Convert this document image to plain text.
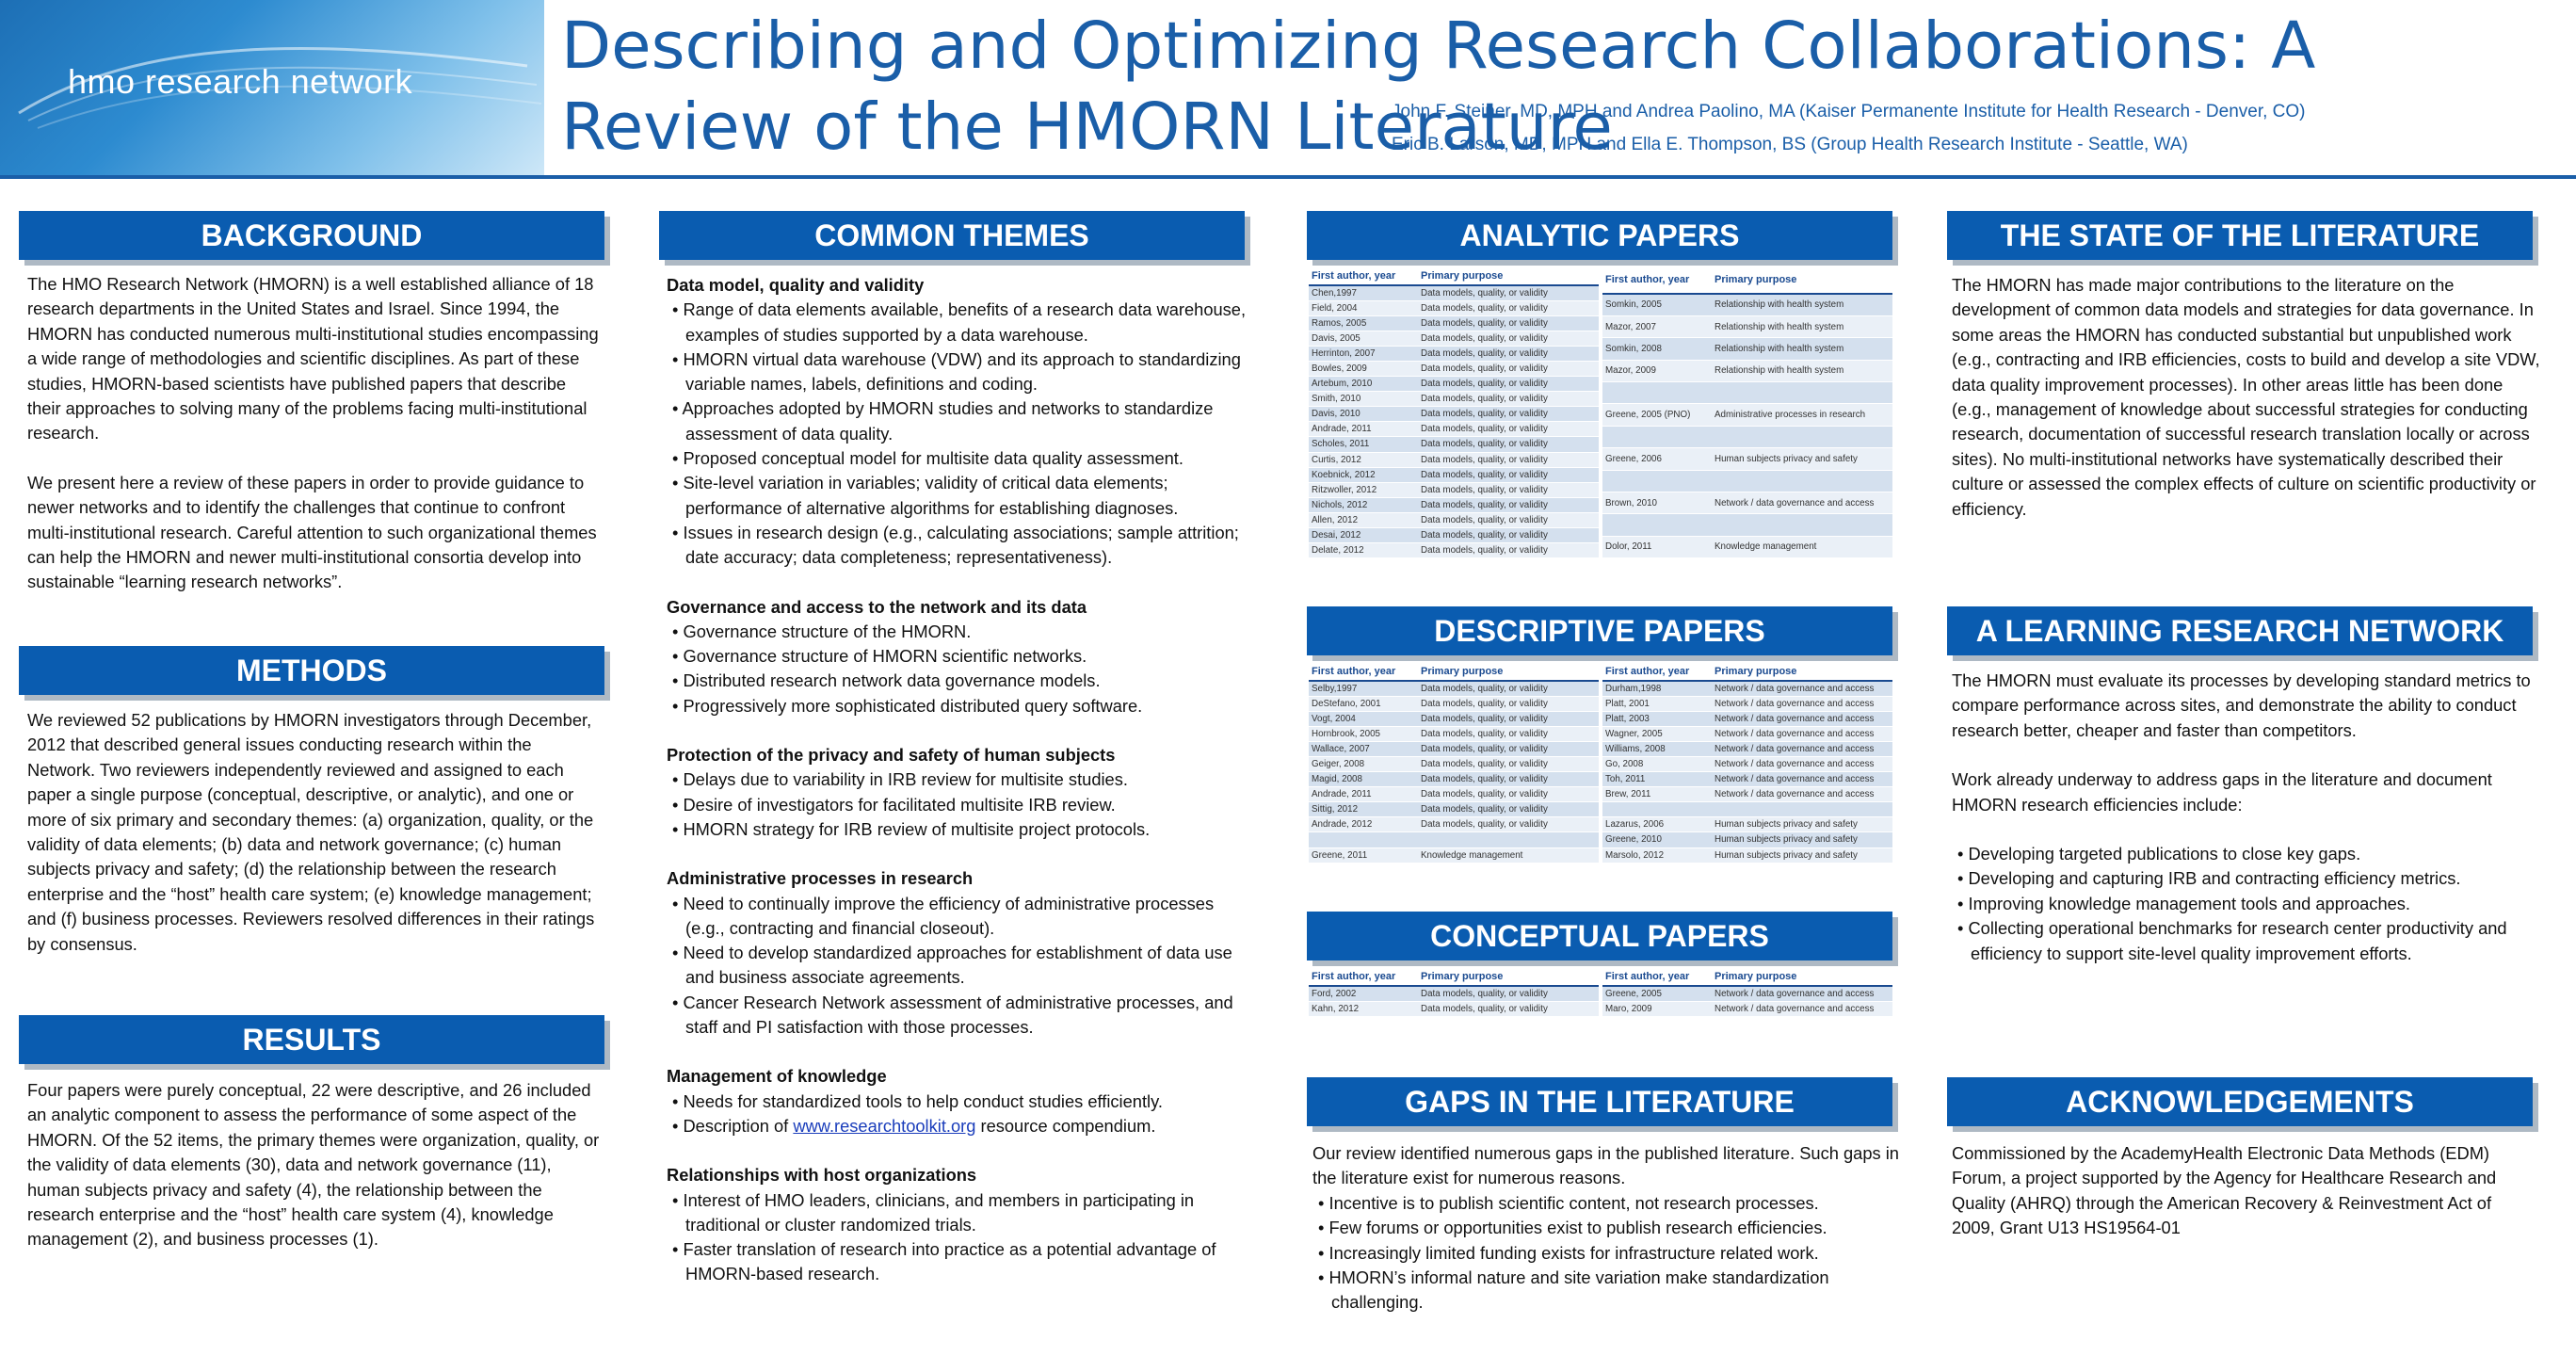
hmo research network Describing and Optimizing Research Collaborations: A Review of the HMORN Literature
John F. Steiner, MD, MPH and Andrea Paolino, MA (Kaiser Permanente Institute for Health Research - Denver, CO)
Eric B. Larson, MD, MPH and Ella E. Thompson, BS (Group Health Research Institute - Seattle, WA)
BACKGROUND

The HMO Research Network (HMORN) is a well established alliance of 18 research departments in the United States and Israel. Since 1994, the HMORN has conducted numerous multi-institutional studies encompassing a wide range of methodologies and scientific disciplines. As part of these studies, HMORN-based scientists have published papers that describe their approaches to solving many of the problems facing multi-institutional research.

We present here a review of these papers in order to provide guidance to newer networks and to identify the challenges that continue to confront multi-institutional research. Careful attention to such organizational themes can help the HMORN and newer multi-institutional consortia develop into sustainable “learning research networks”.

METHODS

We reviewed 52 publications by HMORN investigators through December, 2012 that described general issues conducting research within the Network. Two reviewers independently reviewed and assigned to each paper a single purpose (conceptual, descriptive, or analytic), and one or more of six primary and secondary themes: (a) organization, quality, or the validity of data elements; (b) data and network governance; (c) human subjects privacy and safety; (d) the relationship between the research enterprise and the “host” health care system; (e) knowledge management; and (f) business processes. Reviewers resolved differences in their ratings by consensus.

RESULTS

Four papers were purely conceptual, 22 were descriptive, and 26 included an analytic component to assess the performance of some aspect of the HMORN. Of the 52 items, the primary themes were organization, quality, or the validity of data elements (30), data and network governance (11), human subjects privacy and safety (4), the relationship between the research enterprise and the “host” health care system (4), knowledge management (2), and business processes (1).

COMMON THEMES
Data model, quality and validity
• Range of data elements available, benefits of a research data warehouse, examples of studies supported by a data warehouse.
• HMORN virtual data warehouse (VDW) and its approach to standardizing variable names, labels, definitions and coding.
• Approaches adopted by HMORN studies and networks to standardize assessment of data quality.
• Proposed conceptual model for multisite data quality assessment.
• Site-level variation in variables; validity of critical data elements; performance of alternative algorithms for establishing diagnoses.
• Issues in research design (e.g., calculating associations; sample attrition; date accuracy; data completeness; representativeness).
Governance and access to the network and its data
• Governance structure of the HMORN.
• Governance structure of HMORN scientific networks.
• Distributed research network data governance models.
• Progressively more sophisticated distributed query software.
Protection of the privacy and safety of human subjects
• Delays due to variability in IRB review for multisite studies.
• Desire of investigators for facilitated multisite IRB review.
• HMORN strategy for IRB review of multisite project protocols.
Administrative processes in research
• Need to continually improve the efficiency of administrative processes (e.g., contracting and financial closeout).
• Need to develop standardized approaches for establishment of data use and business associate agreements.
• Cancer Research Network assessment of administrative processes, and staff and PI satisfaction with those processes.
Management of knowledge
• Needs for standardized tools to help conduct studies efficiently.
• Description of www.researchtoolkit.org resource compendium.
Relationships with host organizations
• Interest of HMO leaders, clinicians, and members in participating in traditional or cluster randomized trials.
• Faster translation of research into practice as a potential advantage of HMORN-based research.
ANALYTIC PAPERS
First author, year	Primary purpose
Chen,1997	Data models, quality, or validity
Field, 2004	Data models, quality, or validity
Ramos, 2005	Data models, quality, or validity
Davis, 2005	Data models, quality, or validity
Herrinton, 2007	Data models, quality, or validity
Bowles, 2009	Data models, quality, or validity
Artebum, 2010	Data models, quality, or validity
Smith, 2010	Data models, quality, or validity
Davis, 2010	Data models, quality, or validity
Andrade, 2011	Data models, quality, or validity
Scholes, 2011	Data models, quality, or validity
Curtis, 2012	Data models, quality, or validity
Koebnick, 2012	Data models, quality, or validity
Ritzwoller, 2012	Data models, quality, or validity
Nichols, 2012	Data models, quality, or validity
Allen, 2012	Data models, quality, or validity
Desai, 2012	Data models, quality, or validity
Delate, 2012	Data models, quality, or validity
First author, year	Primary purpose
Somkin, 2005	Relationship with health system
Mazor, 2007	Relationship with health system
Somkin, 2008	Relationship with health system
Mazor, 2009	Relationship with health system

Greene, 2005 (PNO)	Administrative processes in research

Greene, 2006	Human subjects privacy and safety

Brown, 2010	Network / data governance and access

Dolor, 2011	Knowledge management
DESCRIPTIVE PAPERS
First author, year	Primary purpose
Selby,1997	Data models, quality, or validity
DeStefano, 2001	Data models, quality, or validity
Vogt, 2004	Data models, quality, or validity
Hornbrook, 2005	Data models, quality, or validity
Wallace, 2007	Data models, quality, or validity
Geiger, 2008	Data models, quality, or validity
Magid, 2008	Data models, quality, or validity
Andrade, 2011	Data models, quality, or validity
Sittig, 2012	Data models, quality, or validity
Andrade, 2012	Data models, quality, or validity

Greene, 2011	Knowledge management
First author, year	Primary purpose
Durham,1998	Network / data governance and access
Platt, 2001	Network / data governance and access
Platt, 2003	Network / data governance and access
Wagner, 2005	Network / data governance and access
Williams, 2008	Network / data governance and access
Go, 2008	Network / data governance and access
Toh, 2011	Network / data governance and access
Brew, 2011	Network / data governance and access

Lazarus, 2006	Human subjects privacy and safety
Greene, 2010	Human subjects privacy and safety
Marsolo, 2012	Human subjects privacy and safety
CONCEPTUAL PAPERS
First author, year	Primary purpose
Ford, 2002	Data models, quality, or validity
Kahn, 2012	Data models, quality, or validity
First author, year	Primary purpose
Greene, 2005	Network / data governance and access
Maro, 2009	Network / data governance and access
GAPS IN THE LITERATURE

Our review identified numerous gaps in the published literature. Such gaps in the literature exist for numerous reasons.

• Incentive is to publish scientific content, not research processes.
• Few forums or opportunities exist to publish research efficiencies.
• Increasingly limited funding exists for infrastructure related work.
• HMORN’s informal nature and site variation make standardization challenging.
THE STATE OF THE LITERATURE

The HMORN has made major contributions to the literature on the development of common data models and strategies for data governance. In some areas the HMORN has conducted substantial but unpublished work (e.g., contracting and IRB efficiencies, costs to build and develop a site VDW, data quality improvement processes). In other areas little has been done (e.g., management of knowledge about successful strategies for conducting research, documentation of successful research translation locally or across sites). No multi-institutional networks have systematically described their culture or assessed the complex effects of culture on scientific productivity or efficiency.

A LEARNING RESEARCH NETWORK

The HMORN must evaluate its processes by developing standard metrics to compare performance across sites, and demonstrate the ability to conduct research better, cheaper and faster than competitors.

Work already underway to address gaps in the literature and document HMORN research efficiencies include:

• Developing targeted publications to close key gaps.
• Developing and capturing IRB and contracting efficiency metrics.
• Improving knowledge management tools and approaches.
• Collecting operational benchmarks for research center productivity and efficiency to support site-level quality improvement efforts.
ACKNOWLEDGEMENTS

Commissioned by the AcademyHealth Electronic Data Methods (EDM) Forum, a project supported by the Agency for Healthcare Research and Quality (AHRQ) through the American Recovery & Reinvestment Act of 2009, Grant U13 HS19564-01
